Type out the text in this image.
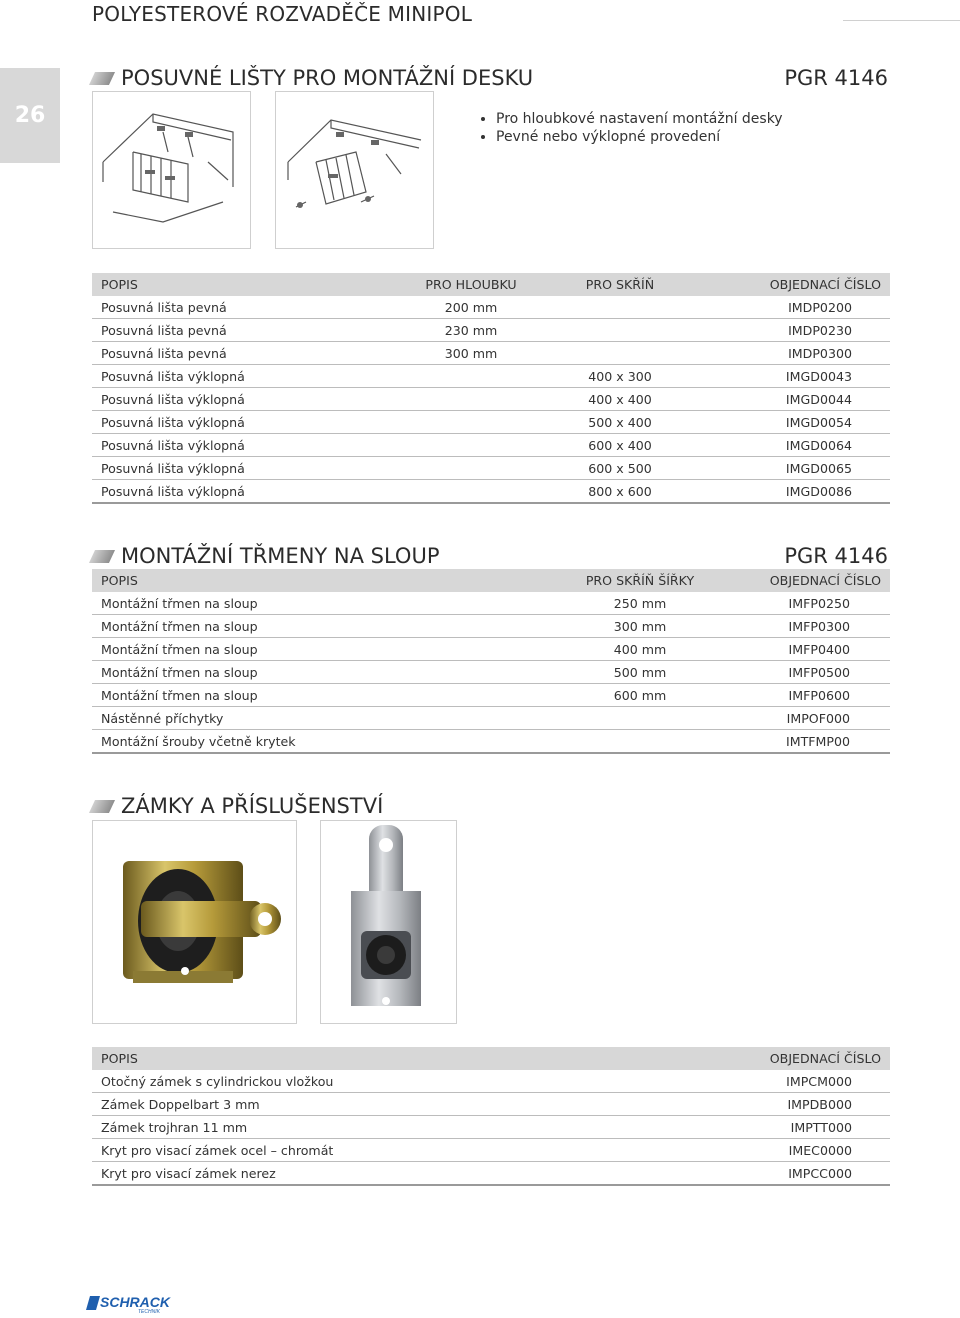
POLYESTEROVÉ ROZVADĚČE MINIPOL
26
POSUVNÉ LIŠTY PRO MONTÁŽNÍ DESKU	PGR 4146
• Pro hloubkové nastavení montážní desky
• Pevné nebo výklopné provedení
POPIS	PRO HLOUBKU	PRO SKŘÍŇ	OBJEDNACÍ ČÍSLO
Posuvná lišta pevná	200 mm		IMDP0200
Posuvná lišta pevná	230 mm		IMDP0230
Posuvná lišta pevná	300 mm		IMDP0300
Posuvná lišta výklopná		400 x 300	IMGD0043
Posuvná lišta výklopná		400 x 400	IMGD0044
Posuvná lišta výklopná		500 x 400	IMGD0054
Posuvná lišta výklopná		600 x 400	IMGD0064
Posuvná lišta výklopná		600 x 500	IMGD0065
Posuvná lišta výklopná		800 x 600	IMGD0086
MONTÁŽNÍ TŘMENY NA SLOUP	PGR 4146
POPIS	PRO SKŘÍŇ ŠÍŘKY	OBJEDNACÍ ČÍSLO
Montážní třmen na sloup	250 mm	IMFP0250
Montážní třmen na sloup	300 mm	IMFP0300
Montážní třmen na sloup	400 mm	IMFP0400
Montážní třmen na sloup	500 mm	IMFP0500
Montážní třmen na sloup	600 mm	IMFP0600
Nástěnné příchytky		IMPOF000
Montážní šrouby včetně krytek		IMTFMP00
ZÁMKY A PŘÍSLUŠENSTVÍ
POPIS	OBJEDNACÍ ČÍSLO
Otočný zámek s cylindrickou vložkou	IMPCM000
Zámek Doppelbart 3 mm	IMPDB000
Zámek trojhran 11 mm	IMPTT000
Kryt pro visací zámek ocel – chromát	IMEC0000
Kryt pro visací zámek nerez	IMPCC000
SCHRACK
TECHNIK
